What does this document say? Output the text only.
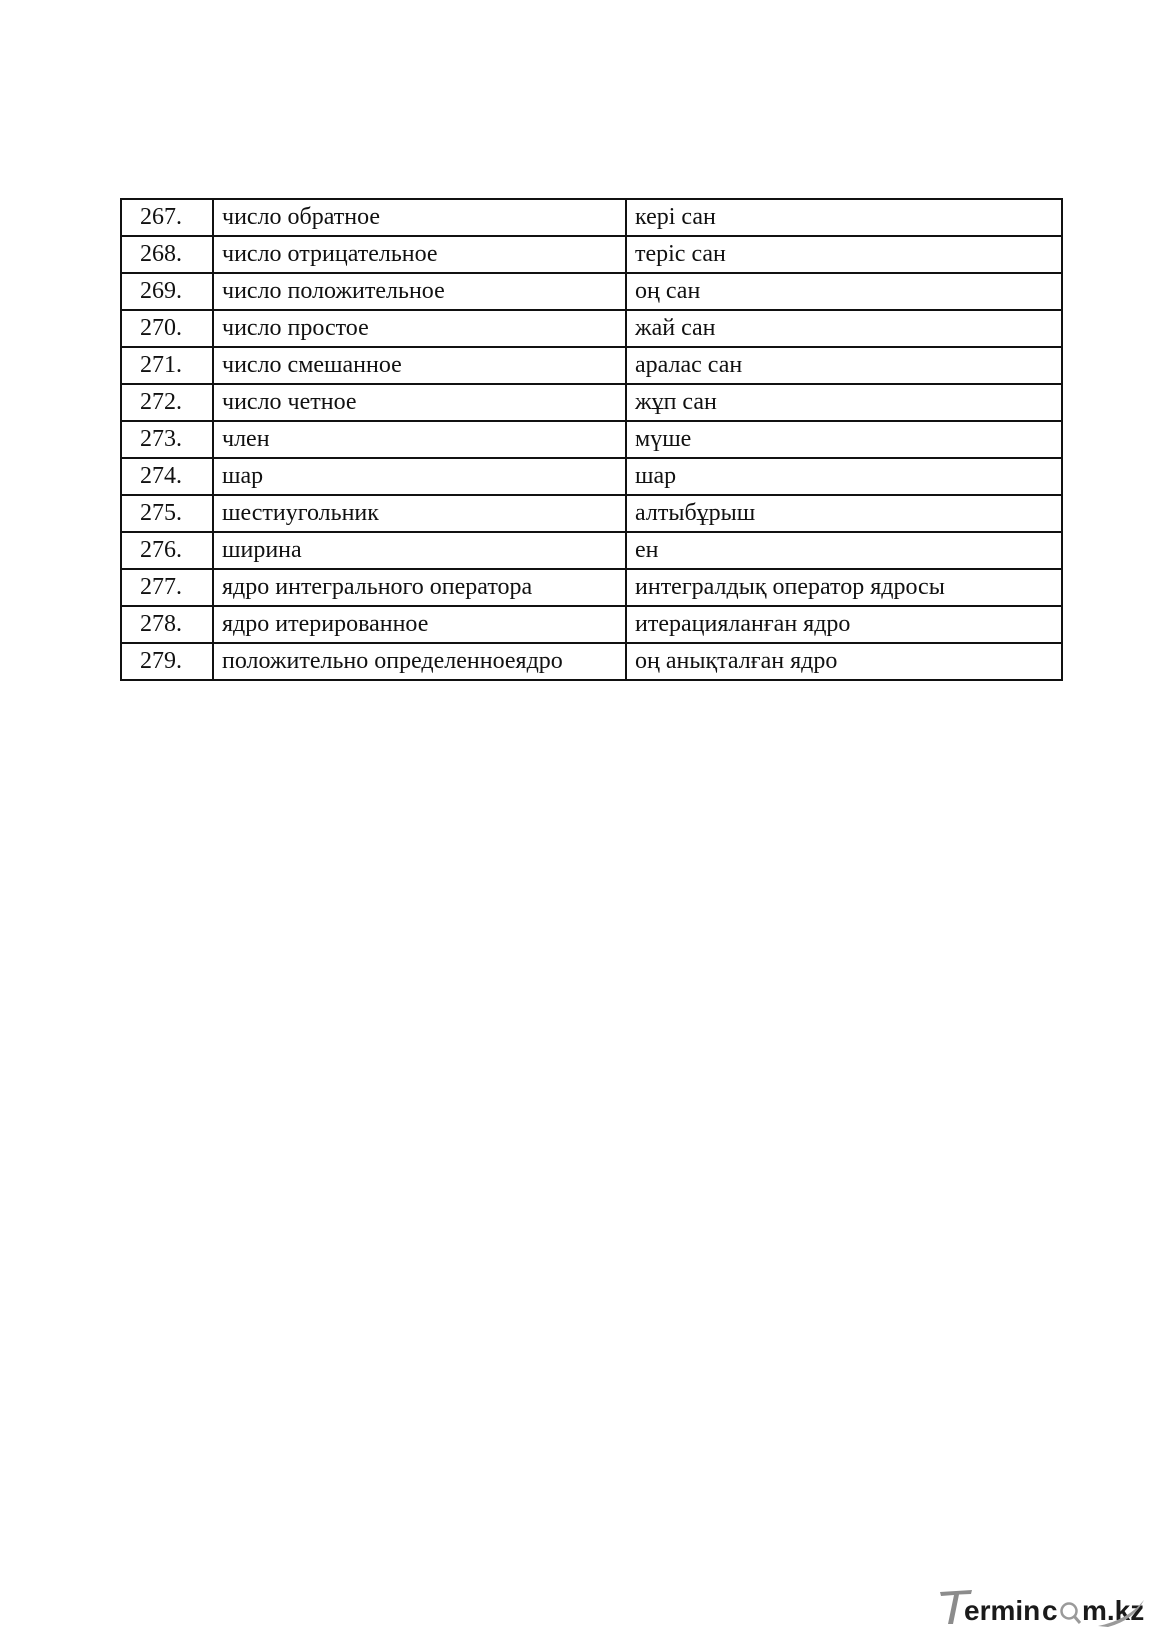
267.	число обратное	кері сан
268.	число отрицательное	теріс сан
269.	число положительное	оң сан
270.	число простое	жай сан
271.	число смешанное	аралас сан
272.	число четное	жұп сан
273.	член	мүше
274.	шар	шар
275.	шестиугольник	алтыбұрыш
276.	ширина	ен
277.	ядро интегрального оператора	интегралдық оператор ядросы
278.	ядро итерированное	итерацияланған ядро
279.	положительно определенноеядро	оң анықталған ядро
ermin c m.kz
